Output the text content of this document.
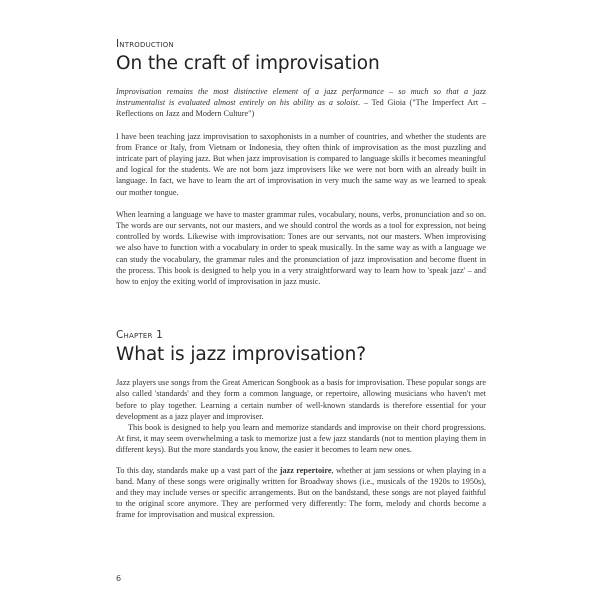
Introduction
On the craft of improvisation

Improvisation remains the most distinctive element of a jazz performance – so much so that a jazz instrumentalist is evaluated almost entirely on his ability as a soloist. – Ted Gioia ("The Imperfect Art – Reflections on Jazz and Modern Culture")

I have been teaching jazz improvisation to saxophonists in a number of countries, and whether the students are from France or Italy, from Vietnam or Indonesia, they often think of improvisation as the most puzzling and intricate part of playing jazz. But when jazz improvisation is compared to language skills it becomes meaningful and logical for the students. We are not born jazz improvisers like we were not born with an already built in language. In fact, we have to learn the art of improvisation in very much the same way as we learned to speak our mother tongue.

When learning a language we have to master grammar rules, vocabulary, nouns, verbs, pronunciation and so on. The words are our servants, not our masters, and we should control the words as a tool for expression, not being controlled by words. Likewise with improvisation: Tones are our servants, not our masters. When improvising we also have to function with a vocabulary in order to speak musically. In the same way as with a language we can study the vocabulary, the grammar rules and the pronunciation of jazz improvisation and become fluent in the process. This book is designed to help you in a very straightforward way to learn how to 'speak jazz' – and how to enjoy the exiting world of improvisation in jazz music.

Chapter 1
What is jazz improvisation?

Jazz players use songs from the Great American Songbook as a basis for improvisation. These popular songs are also called 'standards' and they form a common language, or repertoire, allowing musicians who haven't met before to play together. Learning a certain number of well-known standards is therefore essential for your development as a jazz player and improviser.

This book is designed to help you learn and memorize standards and improvise on their chord progressions. At first, it may seem overwhelming a task to memorize just a few jazz standards (not to mention playing them in different keys). But the more standards you know, the easier it becomes to learn new ones.

To this day, standards make up a vast part of the jazz repertoire, whether at jam sessions or when playing in a band. Many of these songs were originally written for Broadway shows (i.e., musicals of the 1920s to 1950s), and they may include verses or specific arrangements. But on the bandstand, these songs are not played faithful to the original score anymore. They are performed very differently: The form, melody and chords become a frame for improvisation and musical expression.

6
